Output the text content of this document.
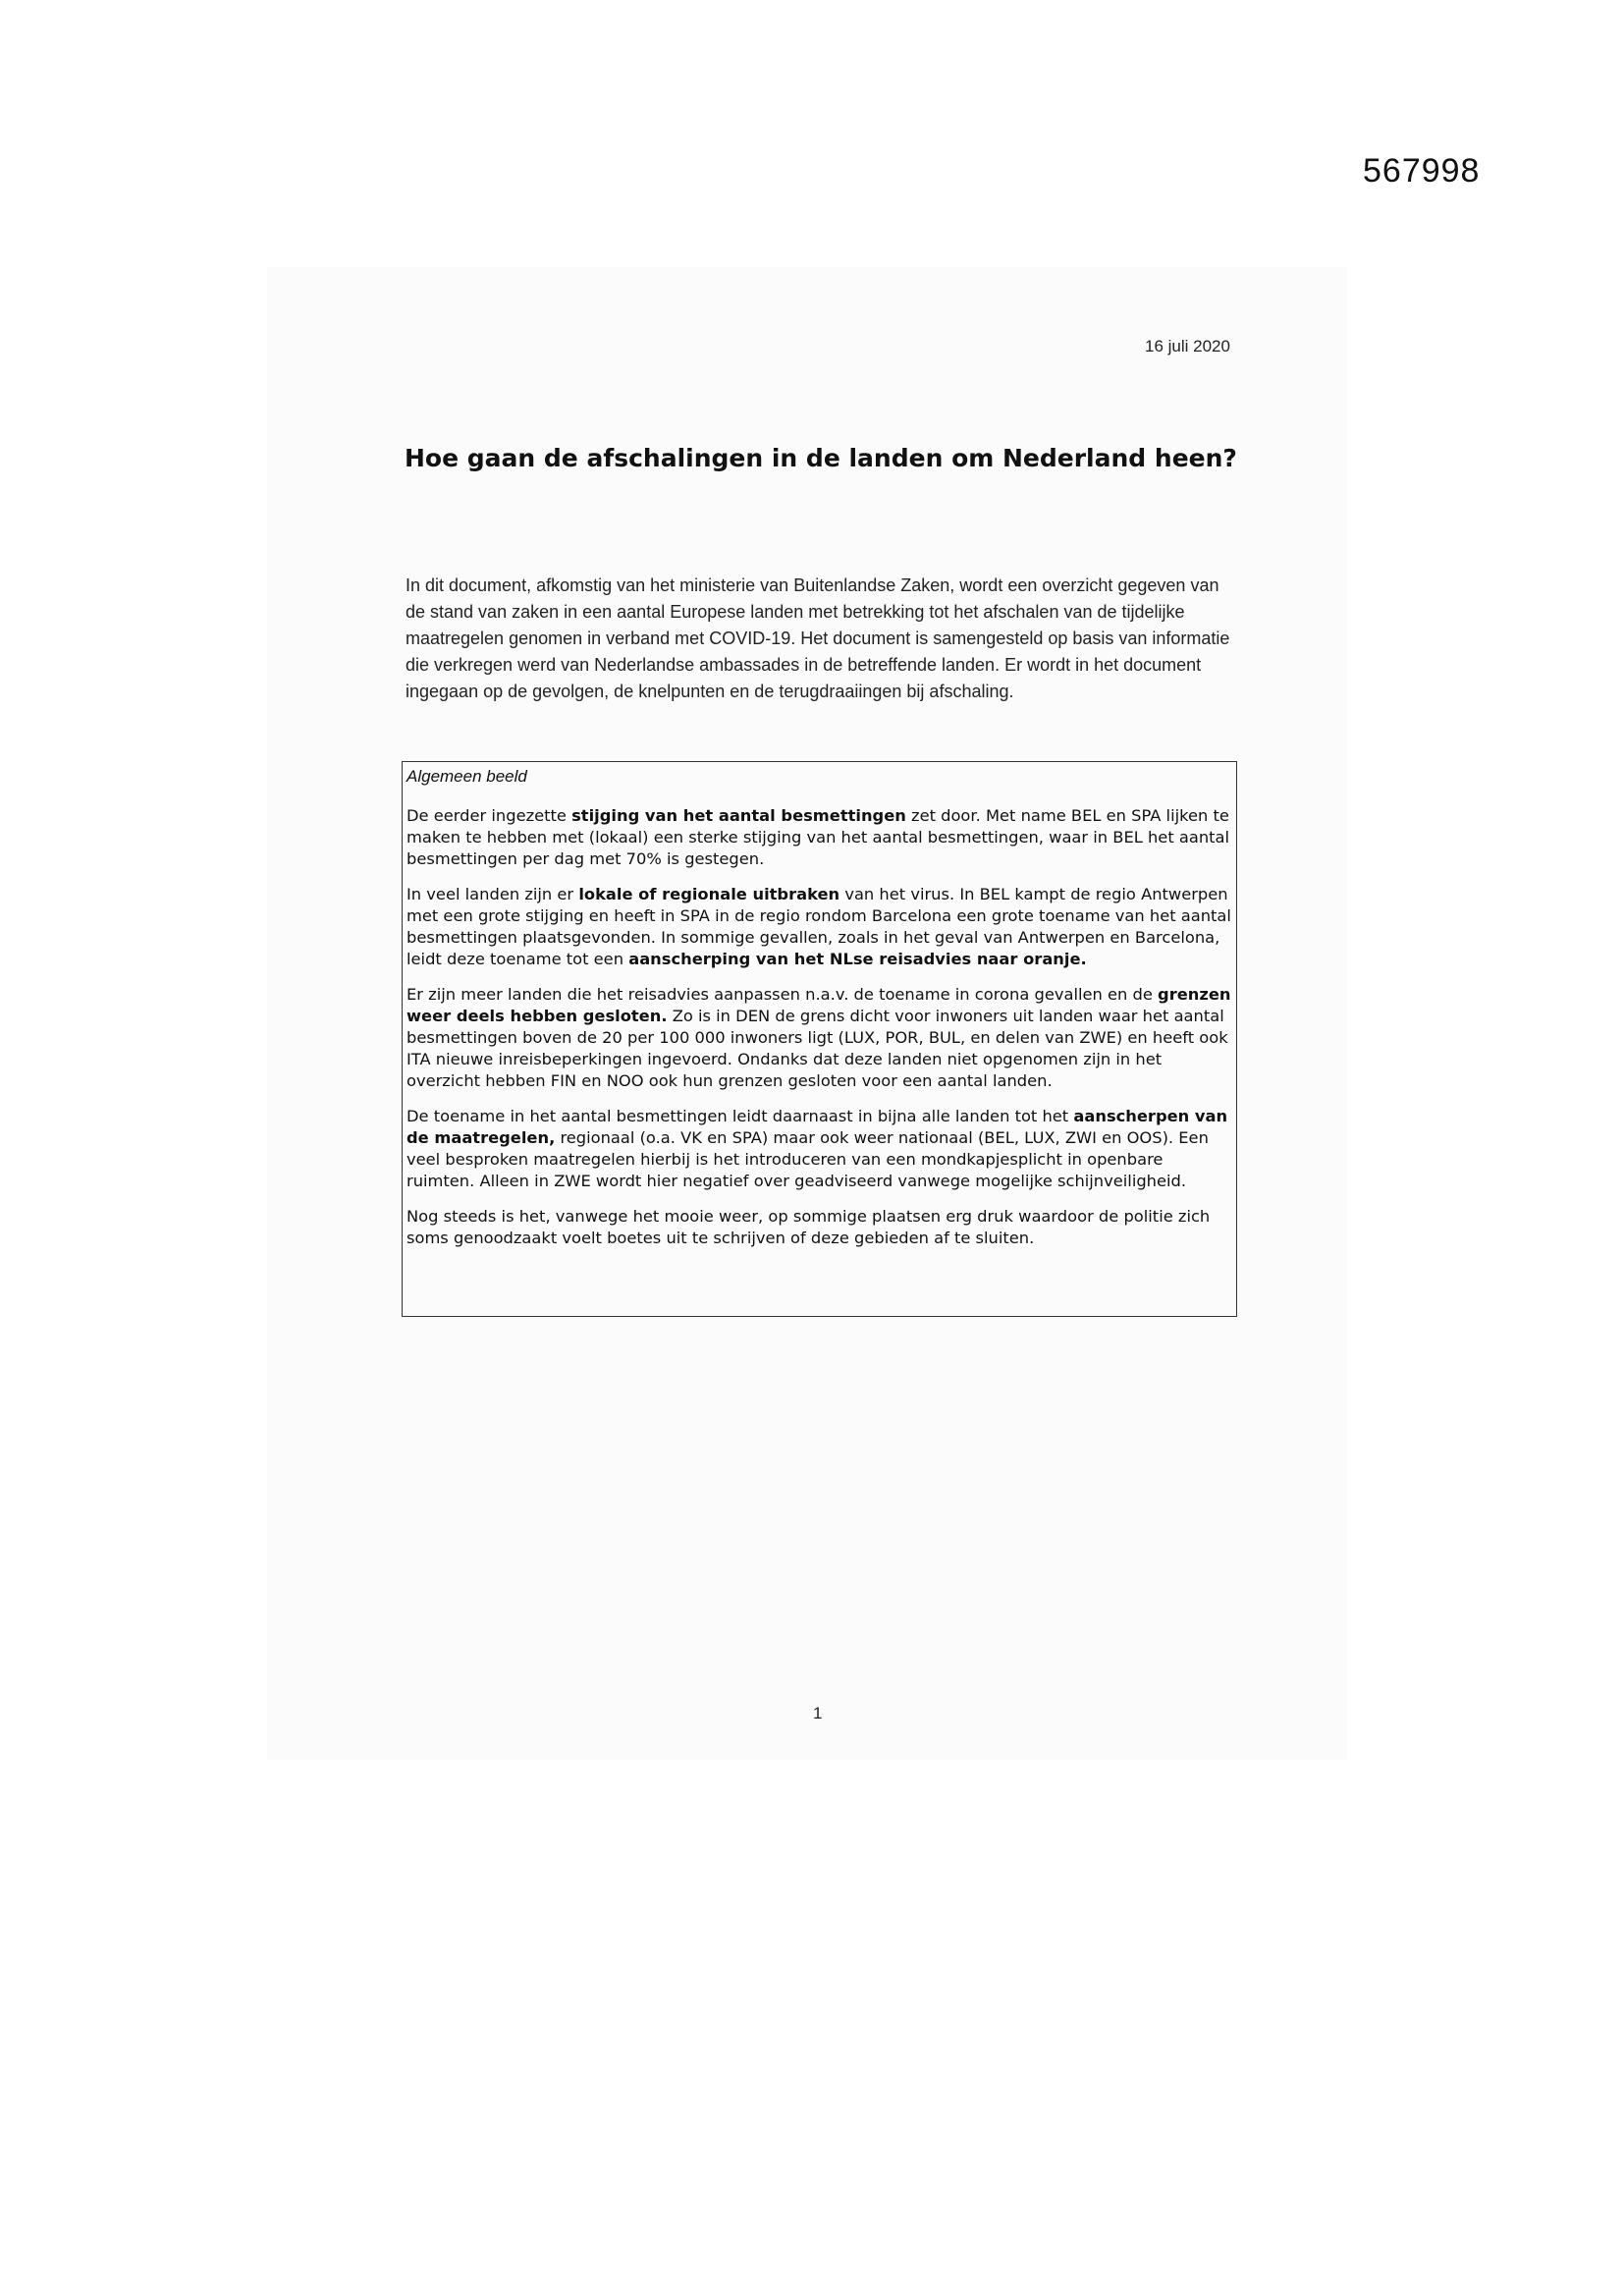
567998
16 juli 2020
Hoe gaan de afschalingen in de landen om Nederland heen?

In dit document, afkomstig van het ministerie van Buitenlandse Zaken, wordt een overzicht gegeven van de stand van zaken in een aantal Europese landen met betrekking tot het afschalen van de tijdelijke maatregelen genomen in verband met COVID-19. Het document is samengesteld op basis van informatie die verkregen werd van Nederlandse ambassades in de betreffende landen. Er wordt in het document ingegaan op de gevolgen, de knelpunten en de terugdraaiingen bij afschaling.

Algemeen beeld

De eerder ingezette stijging van het aantal besmettingen zet door. Met name BEL en SPA lijken te maken te hebben met (lokaal) een sterke stijging van het aantal besmettingen, waar in BEL het aantal besmettingen per dag met 70% is gestegen.

In veel landen zijn er lokale of regionale uitbraken van het virus. In BEL kampt de regio Antwerpen met een grote stijging en heeft in SPA in de regio rondom Barcelona een grote toename van het aantal besmettingen plaatsgevonden. In sommige gevallen, zoals in het geval van Antwerpen en Barcelona, leidt deze toename tot een aanscherping van het NLse reisadvies naar oranje.

Er zijn meer landen die het reisadvies aanpassen n.a.v. de toename in corona gevallen en de grenzen weer deels hebben gesloten. Zo is in DEN de grens dicht voor inwoners uit landen waar het aantal besmettingen boven de 20 per 100 000 inwoners ligt (LUX, POR, BUL, en delen van ZWE) en heeft ook ITA nieuwe inreisbeperkingen ingevoerd. Ondanks dat deze landen niet opgenomen zijn in het overzicht hebben FIN en NOO ook hun grenzen gesloten voor een aantal landen.

De toename in het aantal besmettingen leidt daarnaast in bijna alle landen tot het aanscherpen van de maatregelen, regionaal (o.a. VK en SPA) maar ook weer nationaal (BEL, LUX, ZWI en OOS). Een veel besproken maatregelen hierbij is het introduceren van een mondkapjesplicht in openbare ruimten. Alleen in ZWE wordt hier negatief over geadviseerd vanwege mogelijke schijnveiligheid.

Nog steeds is het, vanwege het mooie weer, op sommige plaatsen erg druk waardoor de politie zich soms genoodzaakt voelt boetes uit te schrijven of deze gebieden af te sluiten.

1
